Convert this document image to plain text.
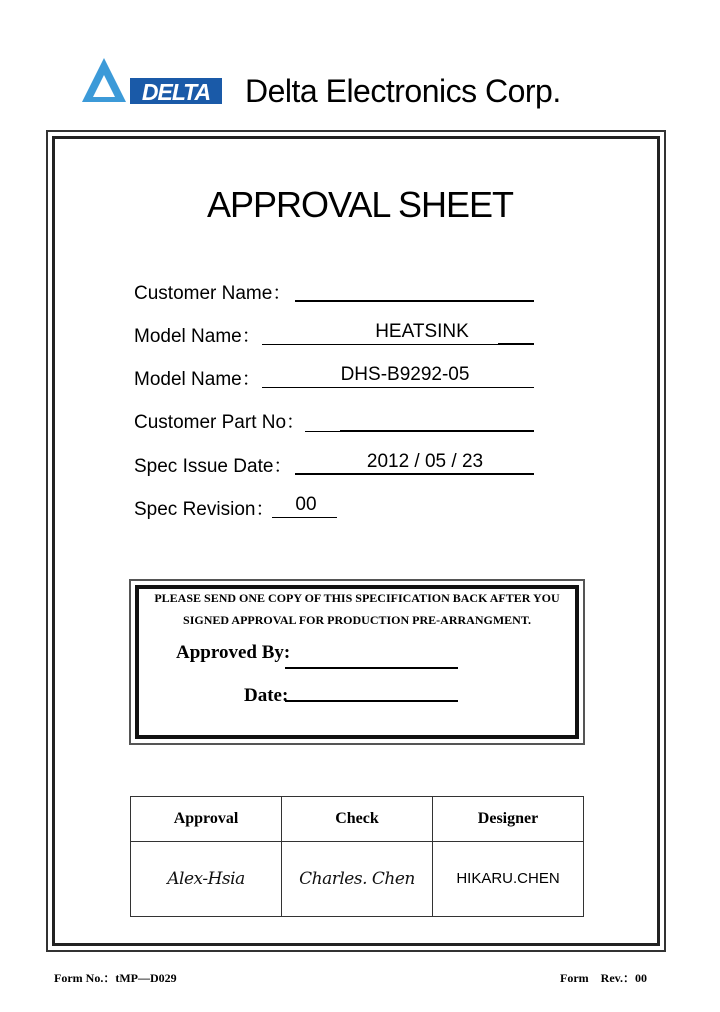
DELTA Delta Electronics Corp.
APPROVAL SHEET
Customer Name：
Model Name：	HEATSINK
Model Name：	DHS-B9292-05
Customer Part No：
Spec Issue Date：	2012 / 05 / 23
Spec Revision：	00
PLEASE SEND ONE COPY OF THIS SPECIFICATION BACK AFTER YOU
SIGNED APPROVAL FOR PRODUCTION PRE-ARRANGMENT.
Approved By:
Date:
Approval	Check	Designer
Alex-Hsia	Charles. Chen	HIKARU.CHEN
Form No.：tMP—D029	Form　Rev.：00
